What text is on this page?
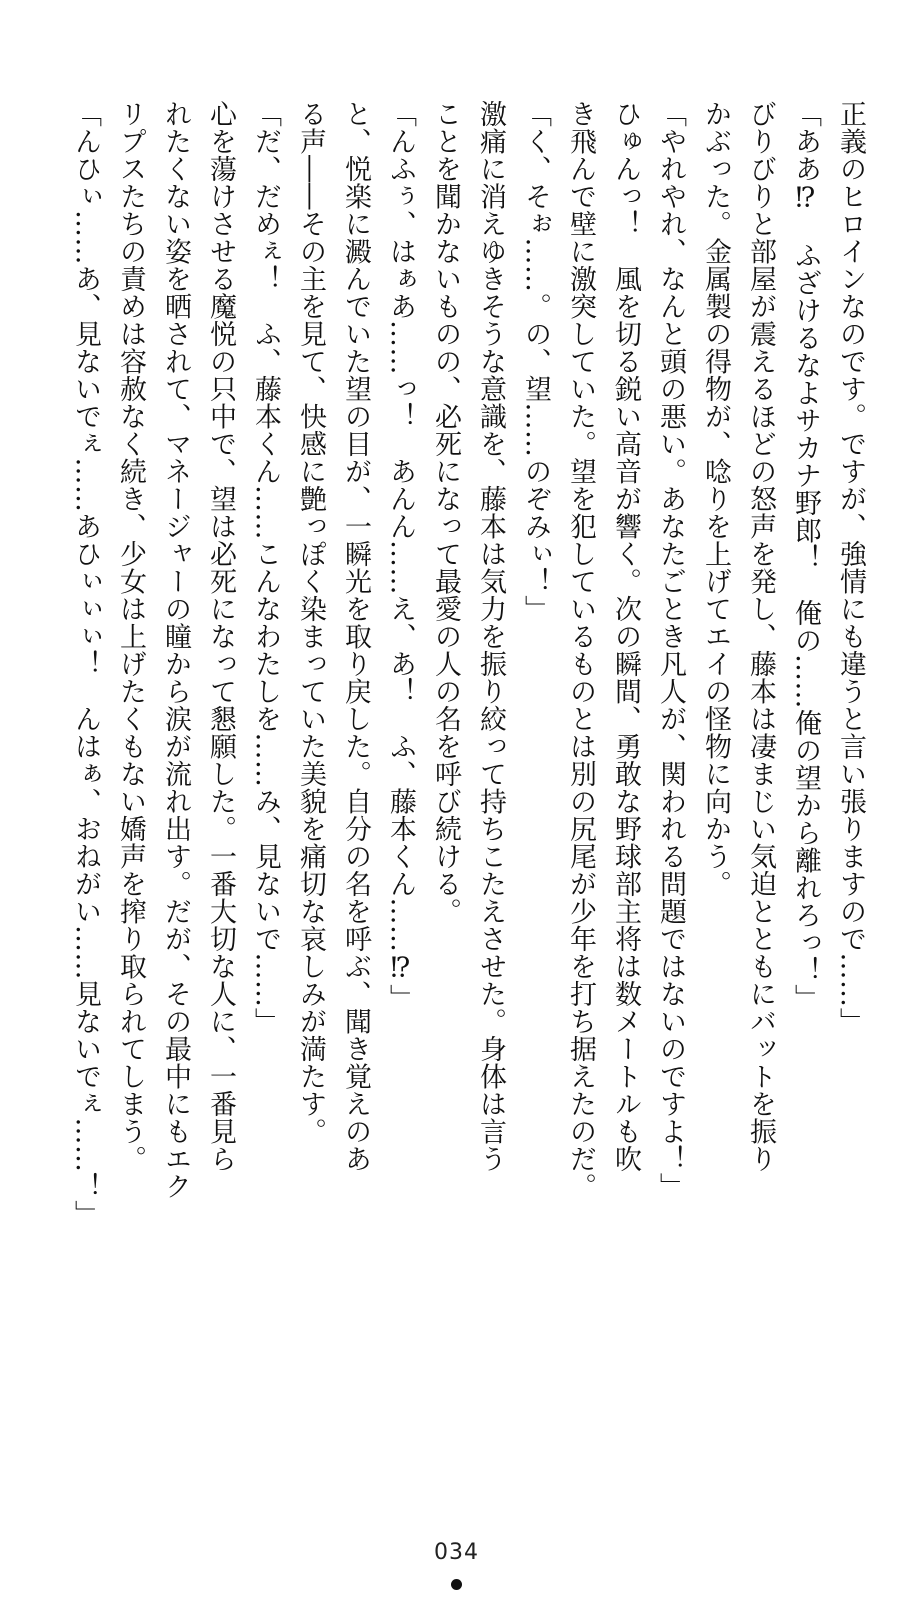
正義のヒロインなのです。ですが、強情にも違うと言い張りますので……」

「ああ⁉　ふざけるなよサカナ野郎！　俺の……俺の望から離れろっ！」

びりびりと部屋が震えるほどの怒声を発し、藤本は凄まじい気迫とともにバットを振り

かぶった。金属製の得物が、唸りを上げてエイの怪物に向かう。

「やれやれ、なんと頭の悪い。あなたごとき凡人が、関われる問題ではないのですよ！」

ひゅんっ！　風を切る鋭い高音が響く。次の瞬間、勇敢な野球部主将は数メートルも吹

き飛んで壁に激突していた。望を犯しているものとは別の尻尾が少年を打ち据えたのだ。

「く、そぉ……。の、望……のぞみぃ！」

激痛に消えゆきそうな意識を、藤本は気力を振り絞って持ちこたえさせた。身体は言う

ことを聞かないものの、必死になって最愛の人の名を呼び続ける。

「んふぅ、はぁあ……っ！　あんん……え、あ！　ふ、藤本くん……⁉」

と、悦楽に澱んでいた望の目が、一瞬光を取り戻した。自分の名を呼ぶ、聞き覚えのあ

る声――その主を見て、快感に艶っぽく染まっていた美貌を痛切な哀しみが満たす。

「だ、だめぇ！　ふ、藤本くん……こんなわたしを……み、見ないで……」

心を蕩けさせる魔悦の只中で、望は必死になって懇願した。一番大切な人に、一番見ら

れたくない姿を晒されて、マネージャーの瞳から涙が流れ出す。だが、その最中にもエク

リプスたちの責めは容赦なく続き、少女は上げたくもない嬌声を搾り取られてしまう。

「んひぃ……あ、見ないでぇ……あひぃぃぃ！　んはぁ、おねがい……見ないでぇ……！」

034
